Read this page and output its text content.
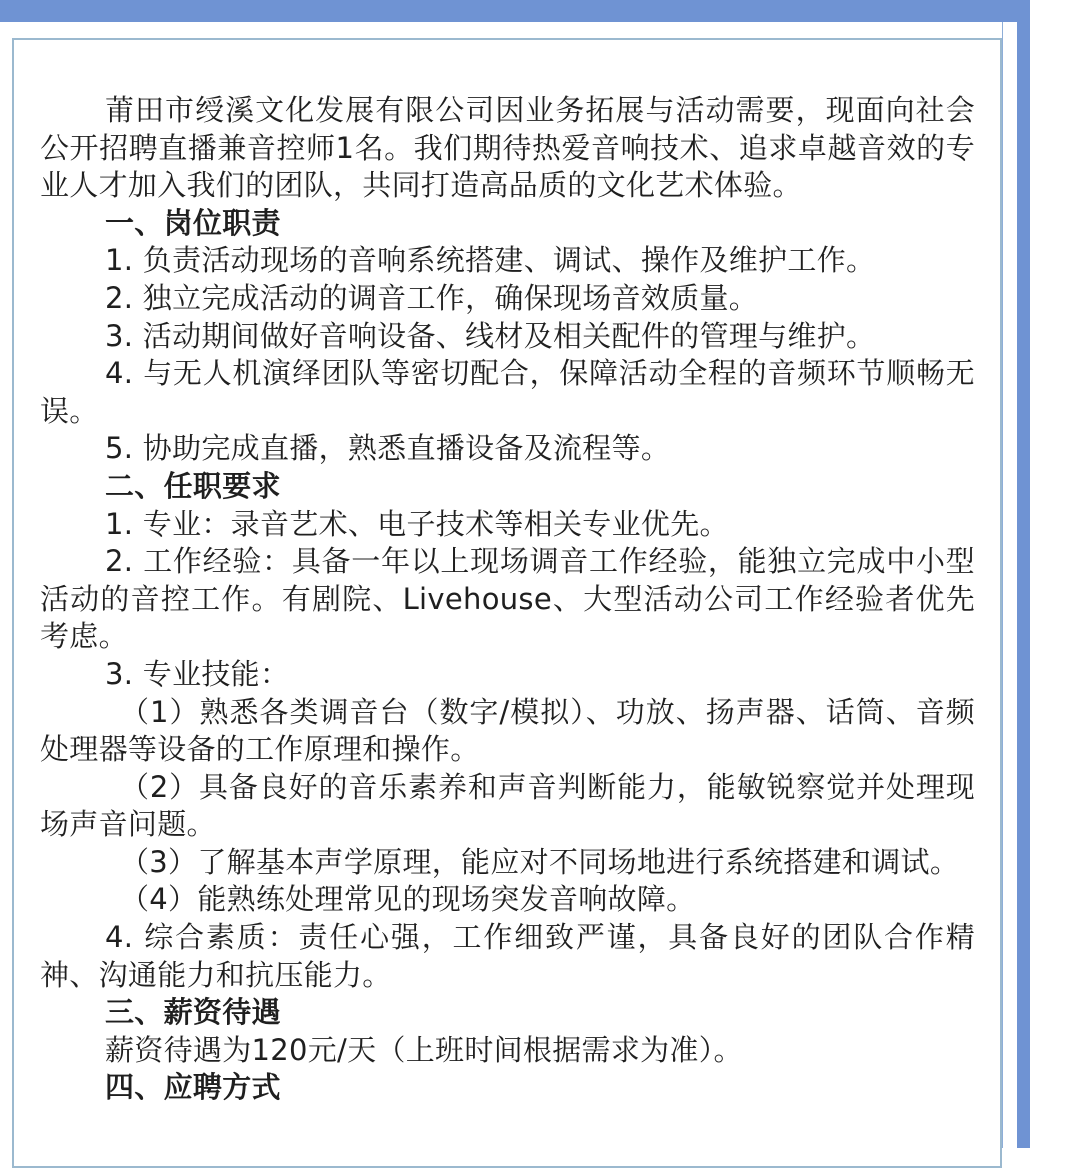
莆田市绶溪文化发展有限公司因业务拓展与活动需要，现面向社会公开招聘直播兼音控师1名。我们期待热爱音响技术、追求卓越音效的专业人才加入我们的团队，共同打造高品质的文化艺术体验。

一、岗位职责

1. 负责活动现场的音响系统搭建、调试、操作及维护工作。

2. 独立完成活动的调音工作，确保现场音效质量。

3. 活动期间做好音响设备、线材及相关配件的管理与维护。

4. 与无人机演绎团队等密切配合，保障活动全程的音频环节顺畅无误。

5. 协助完成直播，熟悉直播设备及流程等。

二、任职要求

1. 专业：录音艺术、电子技术等相关专业优先。

2. 工作经验：具备一年以上现场调音工作经验，能独立完成中小型活动的音控工作。有剧院、Livehouse、大型活动公司工作经验者优先考虑。

3. 专业技能：

（1）熟悉各类调音台（数字/模拟）、功放、扬声器、话筒、音频处理器等设备的工作原理和操作。

（2）具备良好的音乐素养和声音判断能力，能敏锐察觉并处理现场声音问题。

（3）了解基本声学原理，能应对不同场地进行系统搭建和调试。

（4）能熟练处理常见的现场突发音响故障。

4. 综合素质：责任心强，工作细致严谨，具备良好的团队合作精神、沟通能力和抗压能力。

三、薪资待遇

薪资待遇为120元/天（上班时间根据需求为准）。

四、应聘方式
